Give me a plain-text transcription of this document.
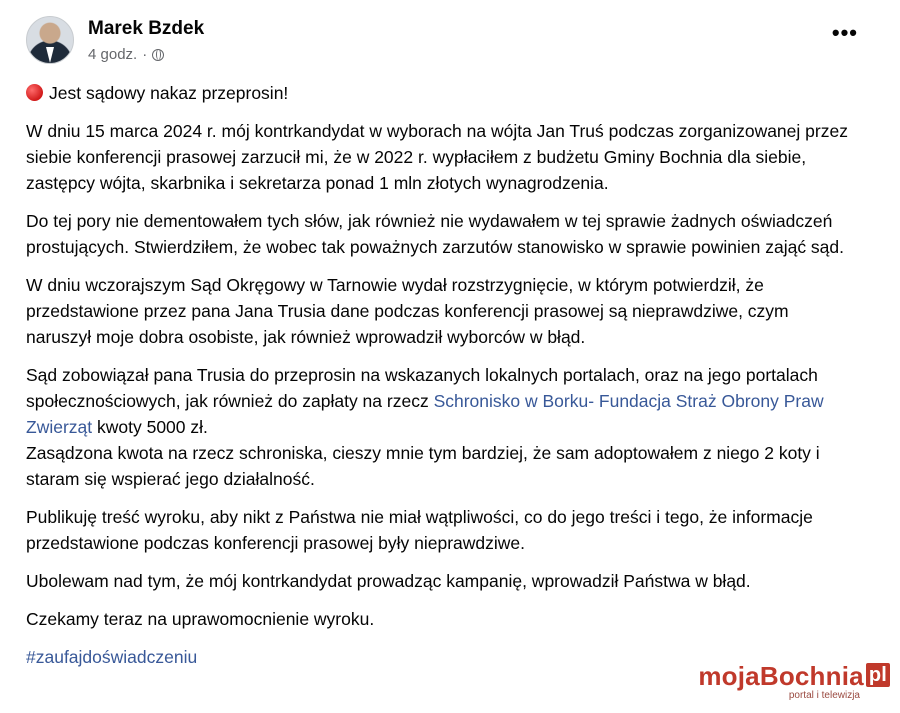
Marek Bzdek
4 godz. ·
•••

Jest sądowy nakaz przeprosin!

W dniu 15 marca 2024 r. mój kontrkandydat w wyborach na wójta Jan Truś podczas zorganizowanej przez siebie konferencji prasowej zarzucił mi, że w 2022 r. wypłaciłem z budżetu Gminy Bochnia dla siebie, zastępcy wójta, skarbnika i sekretarza ponad 1 mln złotych wynagrodzenia.

Do tej pory nie dementowałem tych słów, jak również nie wydawałem w tej sprawie żadnych oświadczeń prostujących. Stwierdziłem, że wobec tak poważnych zarzutów stanowisko w sprawie powinien zająć sąd.

W dniu wczorajszym Sąd Okręgowy w Tarnowie wydał rozstrzygnięcie, w którym potwierdził, że przedstawione przez pana Jana Trusia dane podczas konferencji prasowej są nieprawdziwe, czym naruszył moje dobra osobiste, jak również wprowadził wyborców w błąd.

Sąd zobowiązał pana Trusia do przeprosin na wskazanych lokalnych portalach, oraz na jego portalach społecznościowych, jak również do zapłaty na rzecz Schronisko w Borku- Fundacja Straż Obrony Praw Zwierząt kwoty 5000 zł.
Zasądzona kwota na rzecz schroniska, cieszy mnie tym bardziej, że sam adoptowałem z niego 2 koty i staram się wspierać jego działalność.

Publikuję treść wyroku, aby nikt z Państwa nie miał wątpliwości, co do jego treści i tego, że informacje przedstawione podczas konferencji prasowej były nieprawdziwe.

Ubolewam nad tym, że mój kontrkandydat prowadząc kampanię, wprowadził Państwa w błąd.

Czekamy teraz na uprawomocnienie wyroku.

#zaufajdoświadczeniu

mojaBochnia pl
portal i telewizja
